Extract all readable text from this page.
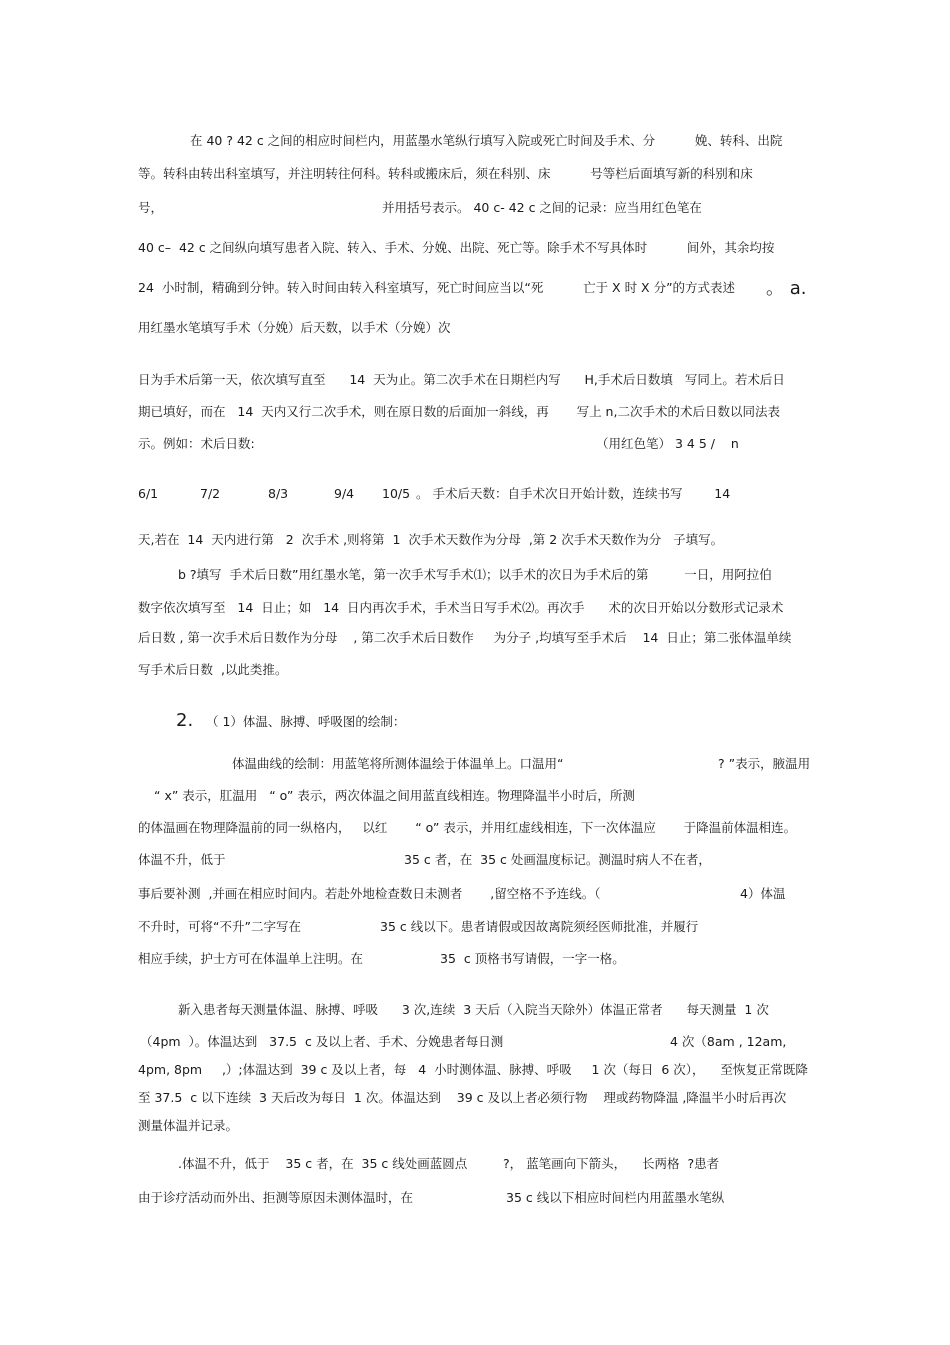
在 40 ? 42 c 之间的相应时间栏内，用蓝墨水笔纵行填写入院或死亡时间及手术、分          娩、转科、出院
等。转科由转出科室填写，并注明转往何科。转科或搬床后，须在科别、床          号等栏后面填写新的科别和床
号，	并用括号表示。 40 c- 42 c 之间的记录：应当用红色笔在
40 c–  42 c 之间纵向填写患者入院、转入、手术、分娩、出院、死亡等。除手术不写具体时          间外，其余均按
24  小时制，精确到分钟。转入时间由转入科室填写，死亡时间应当以“死          亡于 X 时 X 分”的方式表述 。 a.
用红墨水笔填写手术（分娩）后天数，以手术（分娩）次
日为手术后第一天，依次填写直至      14  天为止。第二次手术在日期栏内写      H,手术后日数填   写同上。若术后日
期已填好，而在   14  天内又行二次手术，则在原日数的后面加一斜线，再       写上 n,二次手术的术后日数以同法表
示。例如：术后日数:	（用红色笔） 3 4 5 /    n
6/1	7/2	8/3	9/4 10/5 。 手术后天数：自手术次日开始计数，连续书写        14
天,若在  14  天内进行第   2  次手术 ,则将第  1  次手术天数作为分母  ,第 2 次手术天数作为分   子填写。
b ?填写  手术后日数”用红墨水笔，第一次手术写手术⑴；以手术的次日为手术后的第         一日，用阿拉伯
数字依次填写至   14  日止；如   14  日内再次手术，手术当日写手术⑵。再次手      术的次日开始以分数形式记录术
后日数 , 第一次手术后日数作为分母    , 第二次手术后日数作     为分子 ,均填写至手术后    14  日止；第二张体温单续
写手术后日数  ,以此类推。
2. （ 1）体温、脉搏、呼吸图的绘制：
体温曲线的绘制：用蓝笔将所测体温绘于体温单上。口温用“	? ”表示，腋温用
“ x” 表示，肛温用   “ o” 表示，两次体温之间用蓝直线相连。物理降温半小时后，所测
的体温画在物理降温前的同一纵格内，   以红       “ o” 表示，并用红虚线相连，下一次体温应       于降温前体温相连。
体温不升，低于	35 c 者，在  35 c 处画温度标记。测温时病人不在者，
事后要补测  ,并画在相应时间内。若赴外地检查数日未测者       ,留空格不予连线。（	4）体温
不升时，可将“不升”二字写在	35 c 线以下。患者请假或因故离院须经医师批准，并履行
相应手续，护士方可在体温单上注明。在	35  c 顶格书写请假，一字一格。
新入患者每天测量体温、脉搏、呼吸      3 次,连续  3 天后（入院当天除外）体温正常者      每天测量  1 次
（4pm  ）。体温达到   37.5  c 及以上者、手术、分娩患者每日测	4 次（8am , 12am,
4pm, 8pm     ,）;体温达到  39 c 及以上者，每   4  小时测体温、脉搏、呼吸     1 次（每日  6 次），    至恢复正常既降
至 37.5  c 以下连续  3 天后改为每日  1 次。体温达到    39 c 及以上者必须行物    理或药物降温 ,降温半小时后再次
测量体温并记录。
.体温不升，低于    35 c 者，在  35 c 线处画蓝圆点         ?， 蓝笔画向下箭头，    长两格  ?患者
由于诊疗活动而外出、拒测等原因未测体温时，在	35 c 线以下相应时间栏内用蓝墨水笔纵
